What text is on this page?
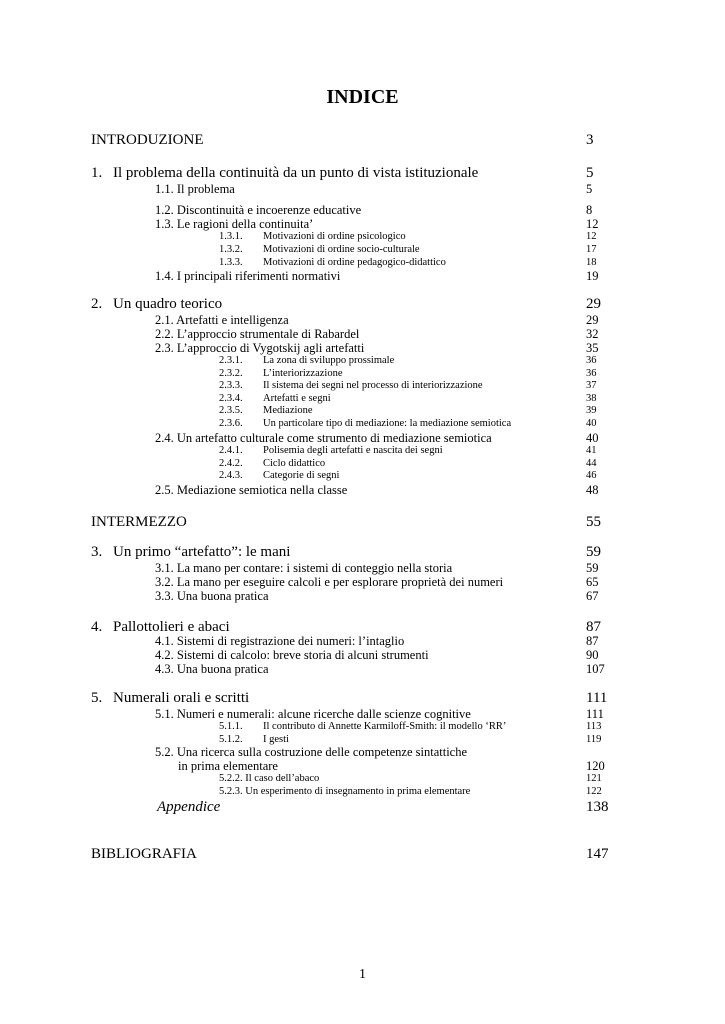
INDICE
INTRODUZIONE	3
1. Il problema della continuità da un punto di vista istituzionale	5
1.1. Il problema	5
1.2. Discontinuità e incoerenze educative	8
1.3. Le ragioni della continuita’	12
1.3.1. Motivazioni di ordine psicologico	12
1.3.2. Motivazioni di ordine socio-culturale	17
1.3.3. Motivazioni di ordine pedagogico-didattico	18
1.4. I principali riferimenti normativi	19
2. Un quadro teorico	29
2.1. Artefatti e intelligenza	29
2.2. L’approccio strumentale di Rabardel	32
2.3. L’approccio di Vygotskij agli artefatti	35
2.3.1. La zona di sviluppo prossimale	36
2.3.2. L’interiorizzazione	36
2.3.3. Il sistema dei segni nel processo di interiorizzazione	37
2.3.4. Artefatti e segni	38
2.3.5. Mediazione	39
2.3.6. Un particolare tipo di mediazione: la mediazione semiotica	40
2.4. Un artefatto culturale come strumento di mediazione semiotica	40
2.4.1. Polisemia degli artefatti e nascita dei segni	41
2.4.2. Ciclo didattico	44
2.4.3. Categorie di segni	46
2.5. Mediazione semiotica nella classe	48
INTERMEZZO	55
3. Un primo “artefatto”: le mani	59
3.1. La mano per contare: i sistemi di conteggio nella storia	59
3.2. La mano per eseguire calcoli e per esplorare proprietà dei numeri	65
3.3. Una buona pratica	67
4. Pallottolieri e abaci	87
4.1. Sistemi di registrazione dei numeri: l’intaglio	87
4.2. Sistemi di calcolo: breve storia di alcuni strumenti	90
4.3. Una buona pratica	107
5. Numerali orali e scritti	111
5.1. Numeri e numerali: alcune ricerche dalle scienze cognitive	111
5.1.1. Il contributo di Annette Karmiloff-Smith: il modello ‘RR’	113
5.1.2. I gesti	119
5.2. Una ricerca sulla costruzione delle competenze sintattiche
in prima elementare	120
5.2.2. Il caso dell’abaco	121
5.2.3. Un esperimento di insegnamento in prima elementare	122
Appendice	138
BIBLIOGRAFIA	147
1
